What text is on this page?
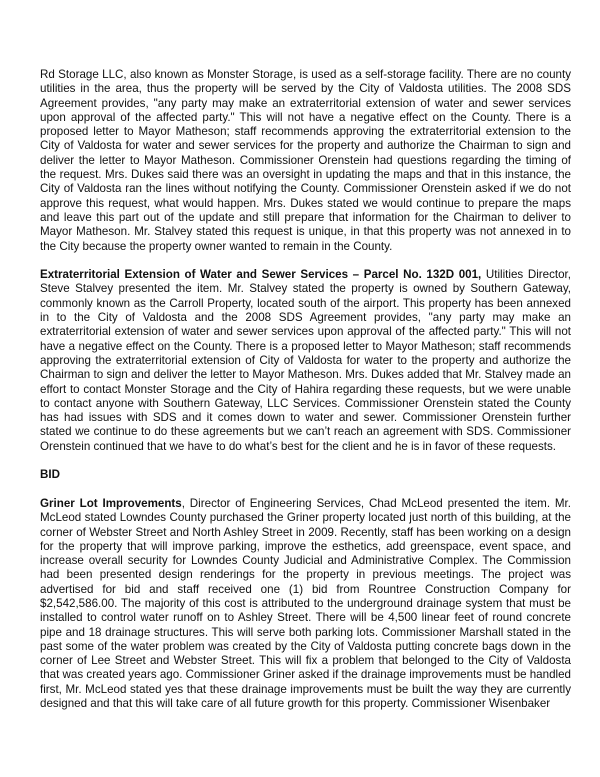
Rd Storage LLC, also known as Monster Storage, is used as a self-storage facility. There are no county utilities in the area, thus the property will be served by the City of Valdosta utilities. The 2008 SDS Agreement provides, "any party may make an extraterritorial extension of water and sewer services upon approval of the affected party." This will not have a negative effect on the County. There is a proposed letter to Mayor Matheson; staff recommends approving the extraterritorial extension to the City of Valdosta for water and sewer services for the property and authorize the Chairman to sign and deliver the letter to Mayor Matheson. Commissioner Orenstein had questions regarding the timing of the request. Mrs. Dukes said there was an oversight in updating the maps and that in this instance, the City of Valdosta ran the lines without notifying the County. Commissioner Orenstein asked if we do not approve this request, what would happen. Mrs. Dukes stated we would continue to prepare the maps and leave this part out of the update and still prepare that information for the Chairman to deliver to Mayor Matheson. Mr. Stalvey stated this request is unique, in that this property was not annexed in to the City because the property owner wanted to remain in the County.

Extraterritorial Extension of Water and Sewer Services – Parcel No. 132D 001, Utilities Director, Steve Stalvey presented the item. Mr. Stalvey stated the property is owned by Southern Gateway, commonly known as the Carroll Property, located south of the airport. This property has been annexed in to the City of Valdosta and the 2008 SDS Agreement provides, "any party may make an extraterritorial extension of water and sewer services upon approval of the affected party." This will not have a negative effect on the County. There is a proposed letter to Mayor Matheson; staff recommends approving the extraterritorial extension of City of Valdosta for water to the property and authorize the Chairman to sign and deliver the letter to Mayor Matheson. Mrs. Dukes added that Mr. Stalvey made an effort to contact Monster Storage and the City of Hahira regarding these requests, but we were unable to contact anyone with Southern Gateway, LLC Services. Commissioner Orenstein stated the County has had issues with SDS and it comes down to water and sewer. Commissioner Orenstein further stated we continue to do these agreements but we can’t reach an agreement with SDS. Commissioner Orenstein continued that we have to do what’s best for the client and he is in favor of these requests.

BID

Griner Lot Improvements, Director of Engineering Services, Chad McLeod presented the item. Mr. McLeod stated Lowndes County purchased the Griner property located just north of this building, at the corner of Webster Street and North Ashley Street in 2009. Recently, staff has been working on a design for the property that will improve parking, improve the esthetics, add greenspace, event space, and increase overall security for Lowndes County Judicial and Administrative Complex. The Commission had been presented design renderings for the property in previous meetings. The project was advertised for bid and staff received one (1) bid from Rountree Construction Company for $2,542,586.00. The majority of this cost is attributed to the underground drainage system that must be installed to control water runoff on to Ashley Street. There will be 4,500 linear feet of round concrete pipe and 18 drainage structures. This will serve both parking lots. Commissioner Marshall stated in the past some of the water problem was created by the City of Valdosta putting concrete bags down in the corner of Lee Street and Webster Street. This will fix a problem that belonged to the City of Valdosta that was created years ago. Commissioner Griner asked if the drainage improvements must be handled first, Mr. McLeod stated yes that these drainage improvements must be built the way they are currently designed and that this will take care of all future growth for this property. Commissioner Wisenbaker
